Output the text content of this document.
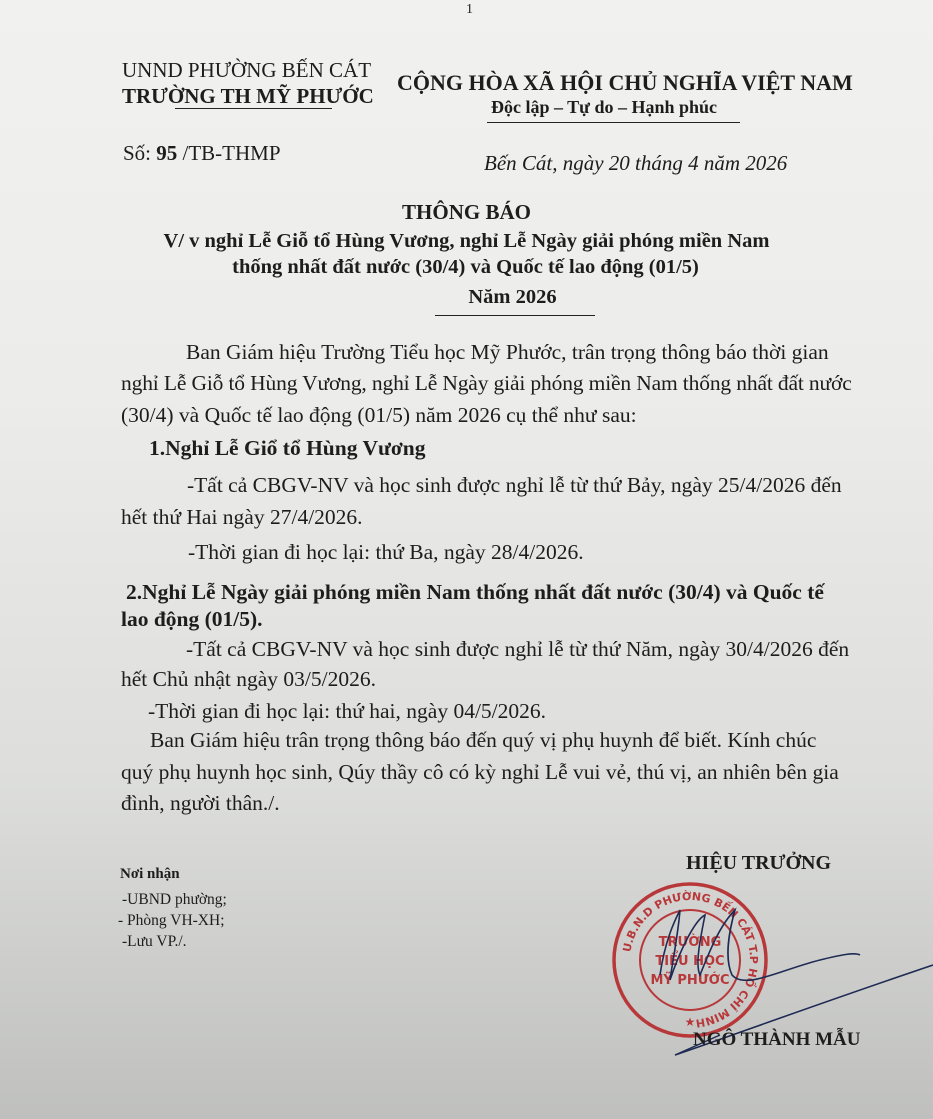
1
UNND PHƯỜNG BẾN CÁT
TRƯỜNG TH MỸ PHƯỚC
CỘNG HÒA XÃ HỘI CHỦ NGHĨA VIỆT NAM
Độc lập – Tự do – Hạnh phúc
Số: 95 /TB-THMP	Bến Cát, ngày 20 tháng 4 năm 2026
THÔNG BÁO
V/ v nghỉ Lễ Giỗ tổ Hùng Vương, nghỉ Lễ Ngày giải phóng miền Nam
thống nhất đất nước (30/4) và Quốc tế lao động (01/5)
Năm 2026
Ban Giám hiệu Trường Tiểu học Mỹ Phước, trân trọng thông báo thời gian
nghỉ Lễ Giỗ tổ Hùng Vương, nghỉ Lễ Ngày giải phóng miền Nam thống nhất đất nước
(30/4) và Quốc tế lao động (01/5) năm 2026 cụ thể như sau:
1.Nghỉ Lễ Giổ tổ Hùng Vương
-Tất cả CBGV-NV và học sinh được nghỉ lễ từ thứ Bảy, ngày 25/4/2026 đến
hết thứ Hai ngày 27/4/2026.
-Thời gian đi học lại: thứ Ba, ngày 28/4/2026.
2.Nghỉ Lễ Ngày giải phóng miền Nam thống nhất đất nước (30/4) và Quốc tế
lao động (01/5).
-Tất cả CBGV-NV và học sinh được nghỉ lễ từ thứ Năm, ngày 30/4/2026 đến
hết Chủ nhật ngày 03/5/2026.
-Thời gian đi học lại: thứ hai, ngày 04/5/2026.
Ban Giám hiệu trân trọng thông báo đến quý vị phụ huynh để biết. Kính chúc
quý phụ huynh học sinh, Qúy thầy cô có kỳ nghỉ Lễ vui vẻ, thú vị, an nhiên bên gia
đình, người thân./.
Nơi nhận
-UBND phường;
- Phòng VH-XH;
-Lưu VP./.
HIỆU TRƯỞNG
U.B.N.D PHƯỜNG BẾN CÁT T.P HỒ CHÍ MINH
TRƯỜNG
TIỂU HỌC
MỸ PHƯỚC
★
NGÔ THÀNH MẪU
